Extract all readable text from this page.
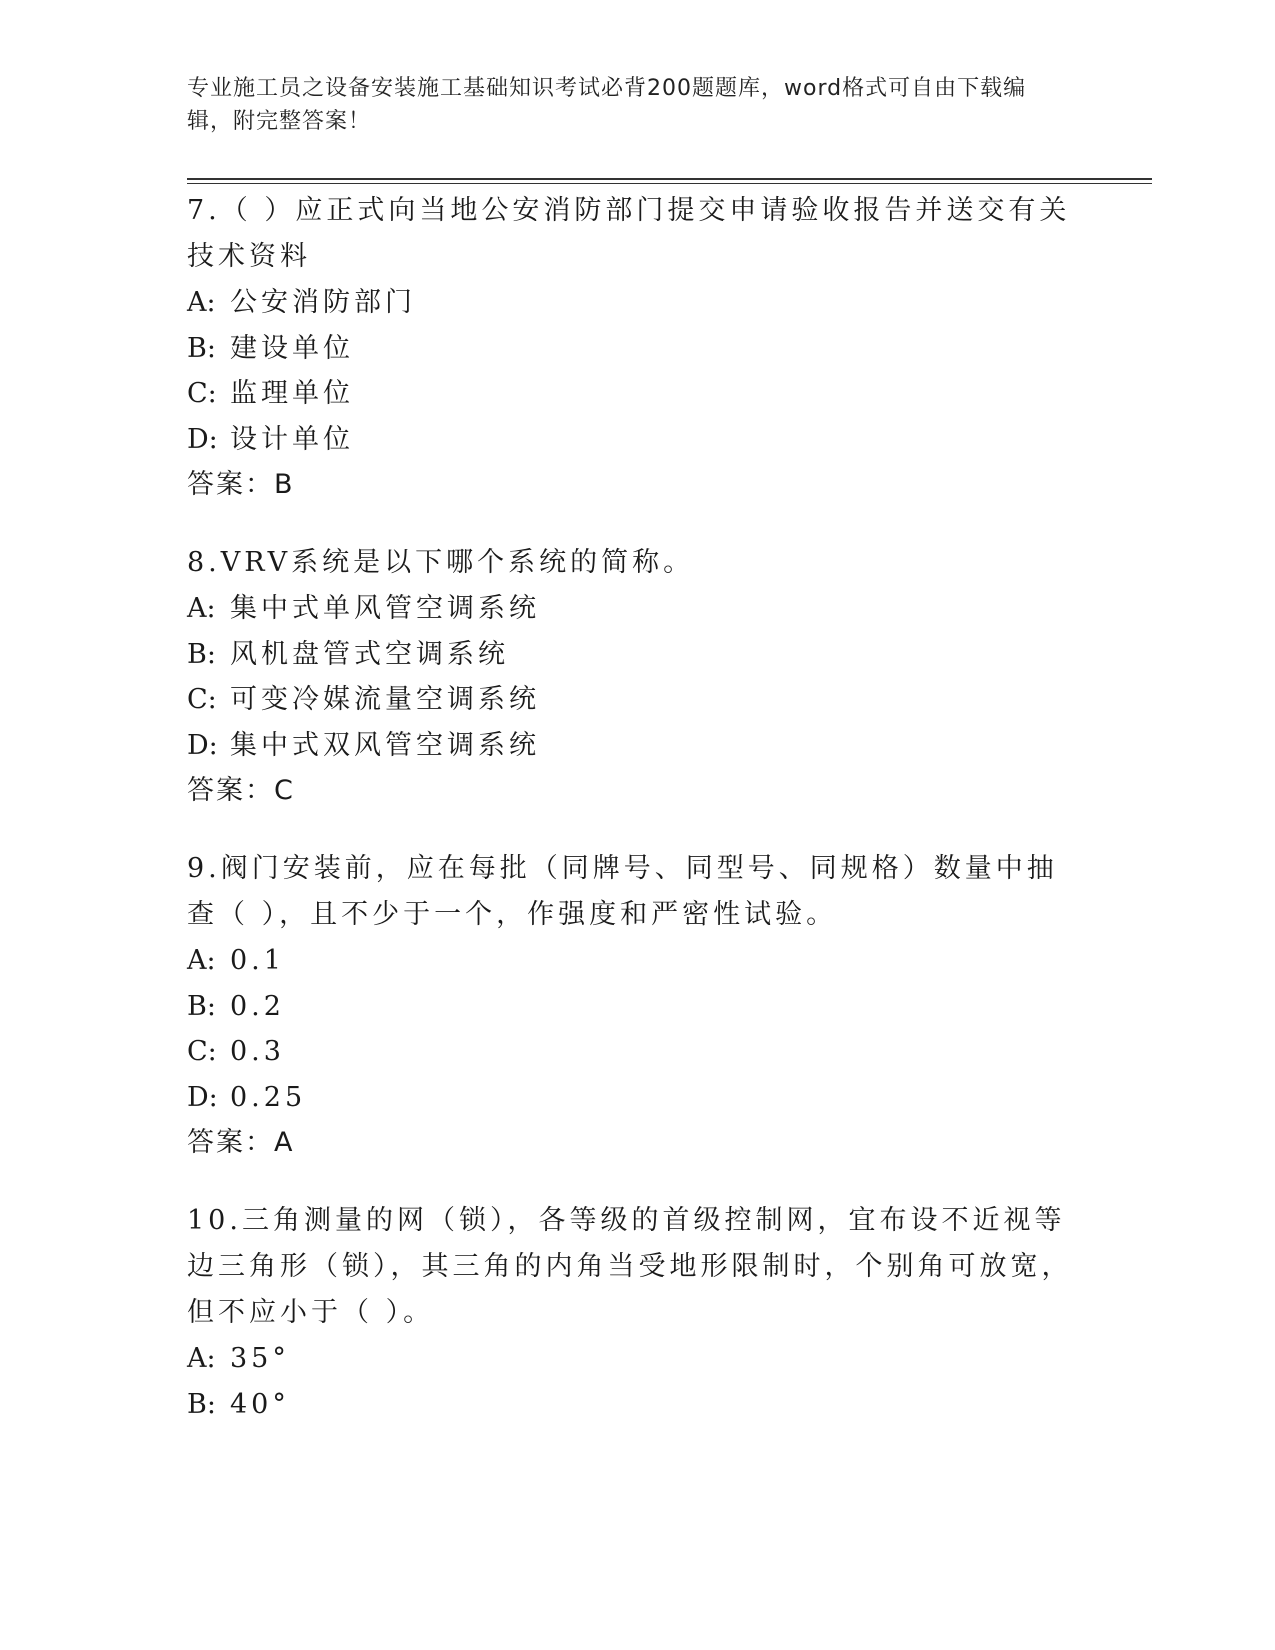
专业施工员之设备安装施工基础知识考试必背200题题库，word格式可自由下载编辑，附完整答案！

7.（ ）应正式向当地公安消防部门提交申请验收报告并送交有关技术资料

A: 公安消防部门

B: 建设单位

C: 监理单位

D: 设计单位

答案：B

8.VRV系统是以下哪个系统的简称。

A: 集中式单风管空调系统

B: 风机盘管式空调系统

C: 可变冷媒流量空调系统

D: 集中式双风管空调系统

答案：C

9.阀门安装前，应在每批（同牌号、同型号、同规格）数量中抽查（ ），且不少于一个，作强度和严密性试验。

A: 0.1

B: 0.2

C: 0.3

D: 0.25

答案：A

10.三角测量的网（锁），各等级的首级控制网，宜布设不近视等边三角形（锁），其三角的内角当受地形限制时，个别角可放宽，但不应小于（ ）。

A: 35°

B: 40°
